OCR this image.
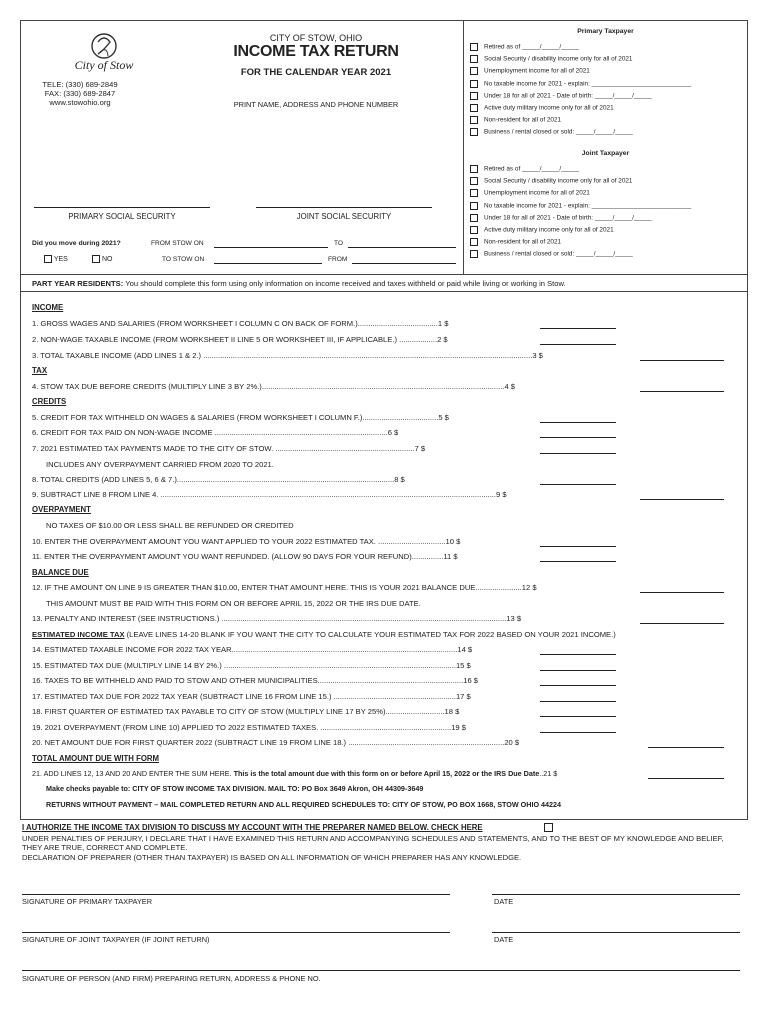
City of Stow
TELE: (330) 689-2849
FAX: (330) 689-2847
www.stowohio.org
CITY OF STOW, OHIO
INCOME TAX RETURN
FOR THE CALENDAR YEAR 2021
PRINT NAME, ADDRESS AND PHONE NUMBER
PRIMARY SOCIAL SECURITY	JOINT SOCIAL SECURITY
Did you move during 2021?
YES	NO
FROM STOW ON	TO
TO STOW ON	FROM
Primary Taxpayer
Retired as of _____/_____/_____
Social Security / disability income only for all of 2021
Unemployment income for all of 2021
No taxable income for 2021 - explain: ____________________________
Under 18 for all of 2021 - Date of birth: _____/_____/_____
Active duty military income only for all of 2021
Non-resident for all of 2021
Business / rental closed or sold: _____/_____/_____
Joint Taxpayer
Retired as of _____/_____/_____
Social Security / disability income only for all of 2021
Unemployment income for all of 2021
No taxable income for 2021 - explain: ____________________________
Under 18 for all of 2021 - Date of birth: _____/_____/_____
Active duty military income only for all of 2021
Non-resident for all of 2021
Business / rental closed or sold: _____/_____/_____
PART YEAR RESIDENTS: You should complete this form using only information on income received and taxes withheld or paid while living or working in Stow.
INCOME
1. GROSS WAGES AND SALARIES (FROM WORKSHEET I COLUMN C ON BACK OF FORM.)......................................1 $
2. NON-WAGE TAXABLE INCOME (FROM WORKSHEET II LINE 5 OR WORKSHEET III, IF APPLICABLE.) ..................2 $
3. TOTAL TAXABLE INCOME (ADD LINES 1 & 2.) ............................................................................................................................................................3 $
TAX
4. STOW TAX DUE BEFORE CREDITS (MULTIPLY LINE 3 BY 2%.)...................................................................................................................4 $
CREDITS
5. CREDIT FOR TAX WITHHELD ON WAGES & SALARIES (FROM WORKSHEET I COLUMN F.)....................................5 $
6. CREDIT FOR TAX PAID ON NON-WAGE INCOME ..................................................................................6 $
7. 2021 ESTIMATED TAX PAYMENTS MADE TO THE CITY OF STOW. ..................................................................7 $
INCLUDES ANY OVERPAYMENT CARRIED FROM 2020 TO 2021.
8. TOTAL CREDITS (ADD LINES 5, 6 & 7.).......................................................................................................8 $
9. SUBTRACT LINE 8 FROM LINE 4. ...............................................................................................................................................................9 $
OVERPAYMENT
NO TAXES OF $10.00 OR LESS SHALL BE REFUNDED OR CREDITED
10. ENTER THE OVERPAYMENT AMOUNT YOU WANT APPLIED TO YOUR 2022 ESTIMATED TAX. ................................10 $
11. ENTER THE OVERPAYMENT AMOUNT YOU WANT REFUNDED. (ALLOW 90 DAYS FOR YOUR REFUND)...............11 $
BALANCE DUE
12. IF THE AMOUNT ON LINE 9 IS GREATER THAN $10.00, ENTER THAT AMOUNT HERE. THIS IS YOUR 2021 BALANCE DUE......................12 $
THIS AMOUNT MUST BE PAID WITH THIS FORM ON OR BEFORE APRIL 15, 2022 OR THE IRS DUE DATE.
13. PENALTY AND INTEREST (SEE INSTRUCTIONS.) .......................................................................................................................................13 $
ESTIMATED INCOME TAX (LEAVE LINES 14-20 BLANK IF YOU WANT THE CITY TO CALCULATE YOUR ESTIMATED TAX FOR 2022 BASED ON YOUR 2021 INCOME.)
14. ESTIMATED TAXABLE INCOME FOR 2022 TAX YEAR...........................................................................................................14 $
15. ESTIMATED TAX DUE (MULTIPLY LINE 14 BY 2%.) ..............................................................................................................15 $
16. TAXES TO BE WITHHELD AND PAID TO STOW AND OTHER MUNICIPALITIES.....................................................................16 $
17. ESTIMATED TAX DUE FOR 2022 TAX YEAR (SUBTRACT LINE 16 FROM LINE 15.) ..........................................................17 $
18. FIRST QUARTER OF ESTIMATED TAX PAYABLE TO CITY OF STOW (MULTIPLY LINE 17 BY 25%)............................18 $
19. 2021 OVERPAYMENT (FROM LINE 10) APPLIED TO 2022 ESTIMATED TAXES. ..............................................................19 $
20. NET AMOUNT DUE FOR FIRST QUARTER 2022 (SUBTRACT LINE 19 FROM LINE 18.) ..........................................................................20 $
TOTAL AMOUNT DUE WITH FORM
21. ADD LINES 12, 13 AND 20 AND ENTER THE SUM HERE. This is the total amount due with this form on or before April 15, 2022 or the IRS Due Date..21 $
Make checks payable to: CITY OF STOW INCOME TAX DIVISION. MAIL TO: PO Box 3649 Akron, OH 44309-3649
RETURNS WITHOUT PAYMENT – MAIL COMPLETED RETURN AND ALL REQUIRED SCHEDULES TO: CITY OF STOW, PO BOX 1668, STOW OHIO 44224
I AUTHORIZE THE INCOME TAX DIVISION TO DISCUSS MY ACCOUNT WITH THE PREPARER NAMED BELOW. CHECK HERE
UNDER PENALTIES OF PERJURY, I DECLARE THAT I HAVE EXAMINED THIS RETURN AND ACCOMPANYING SCHEDULES AND STATEMENTS, AND TO THE BEST OF MY KNOWLEDGE AND BELIEF, THEY ARE TRUE, CORRECT AND COMPLETE.
DECLARATION OF PREPARER (OTHER THAN TAXPAYER) IS BASED ON ALL INFORMATION OF WHICH PREPARER HAS ANY KNOWLEDGE.
SIGNATURE OF PRIMARY TAXPAYER	DATE
SIGNATURE OF JOINT TAXPAYER (IF JOINT RETURN)	DATE
SIGNATURE OF PERSON (AND FIRM) PREPARING RETURN, ADDRESS & PHONE NO.
